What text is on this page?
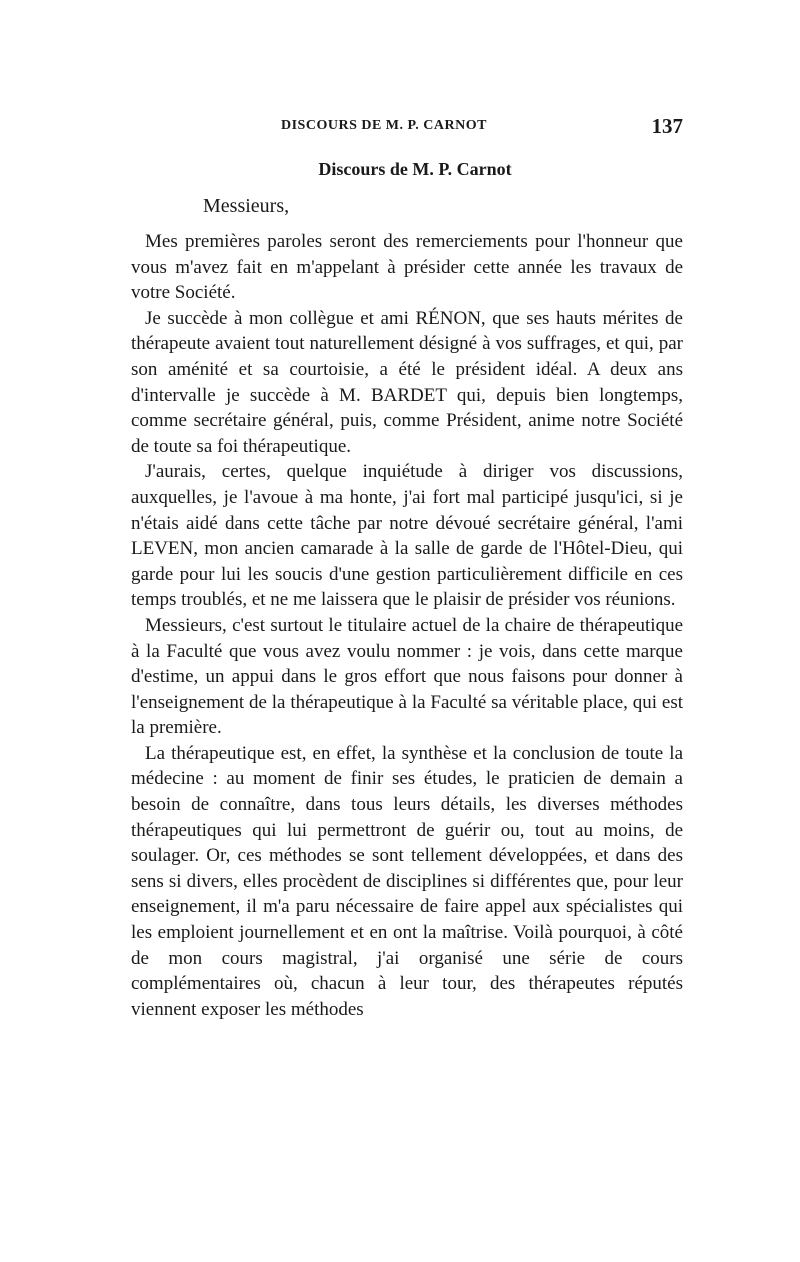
DISCOURS DE M. P. CARNOT	137
Discours de M. P. Carnot
Messieurs,

Mes premières paroles seront des remerciements pour l'honneur que vous m'avez fait en m'appelant à présider cette année les travaux de votre Société.

Je succède à mon collègue et ami RÉNON, que ses hauts mérites de thérapeute avaient tout naturellement désigné à vos suffrages, et qui, par son aménité et sa courtoisie, a été le président idéal. A deux ans d'intervalle je succède à M. BARDET qui, depuis bien longtemps, comme secrétaire général, puis, comme Président, anime notre Société de toute sa foi thérapeutique.

J'aurais, certes, quelque inquiétude à diriger vos discussions, auxquelles, je l'avoue à ma honte, j'ai fort mal participé jusqu'ici, si je n'étais aidé dans cette tâche par notre dévoué secrétaire général, l'ami LEVEN, mon ancien camarade à la salle de garde de l'Hôtel-Dieu, qui garde pour lui les soucis d'une gestion particulièrement difficile en ces temps troublés, et ne me laissera que le plaisir de présider vos réunions.

Messieurs, c'est surtout le titulaire actuel de la chaire de thérapeutique à la Faculté que vous avez voulu nommer : je vois, dans cette marque d'estime, un appui dans le gros effort que nous faisons pour donner à l'enseignement de la thérapeutique à la Faculté sa véritable place, qui est la première.

La thérapeutique est, en effet, la synthèse et la conclusion de toute la médecine : au moment de finir ses études, le praticien de demain a besoin de connaître, dans tous leurs détails, les diverses méthodes thérapeutiques qui lui permettront de guérir ou, tout au moins, de soulager. Or, ces méthodes se sont tellement développées, et dans des sens si divers, elles procèdent de disciplines si différentes que, pour leur enseignement, il m'a paru nécessaire de faire appel aux spécialistes qui les emploient journellement et en ont la maîtrise. Voilà pourquoi, à côté de mon cours magistral, j'ai organisé une série de cours complémentaires où, chacun à leur tour, des thérapeutes réputés viennent exposer les méthodes
